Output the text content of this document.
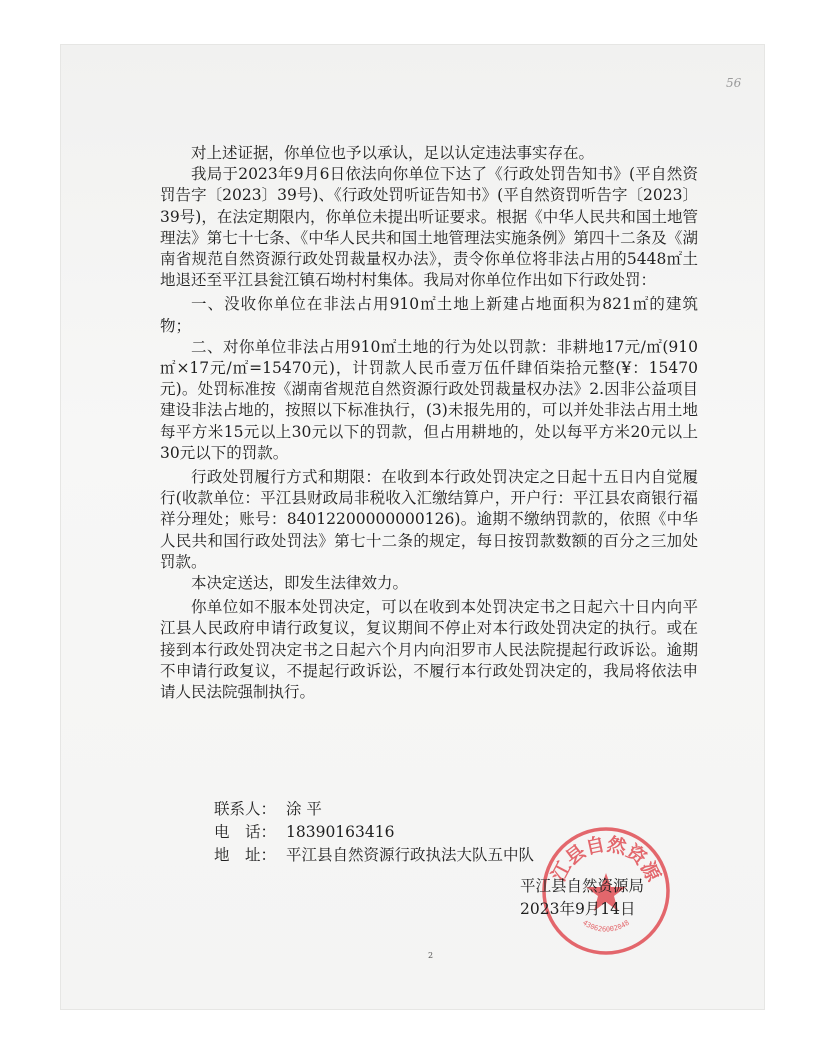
56

对上述证据，你单位也予以承认，足以认定违法事实存在。

我局于2023年9月6日依法向你单位下达了《行政处罚告知书》(平自然资罚告字〔2023〕39号)、《行政处罚听证告知书》(平自然资罚听告字〔2023〕39号)，在法定期限内，你单位未提出听证要求。根据《中华人民共和国土地管理法》第七十七条、《中华人民共和国土地管理法实施条例》第四十二条及《湖南省规范自然资源行政处罚裁量权办法》，责令你单位将非法占用的5448㎡土地退还至平江县瓮江镇石坳村村集体。我局对你单位作出如下行政处罚：

一、没收你单位在非法占用910㎡土地上新建占地面积为821㎡的建筑物；

二、对你单位非法占用910㎡土地的行为处以罚款：非耕地17元/㎡(910㎡×17元/㎡=15470元)，计罚款人民币壹万伍仟肆佰柒拾元整(¥：15470元)。处罚标准按《湖南省规范自然资源行政处罚裁量权办法》2.因非公益项目建设非法占地的，按照以下标准执行，(3)未报先用的，可以并处非法占用土地每平方米15元以上30元以下的罚款，但占用耕地的，处以每平方米20元以上30元以下的罚款。

行政处罚履行方式和期限：在收到本行政处罚决定之日起十五日内自觉履行(收款单位：平江县财政局非税收入汇缴结算户，开户行：平江县农商银行福祥分理处；账号：84012200000000126)。逾期不缴纳罚款的，依照《中华人民共和国行政处罚法》第七十二条的规定，每日按罚款数额的百分之三加处罚款。

本决定送达，即发生法律效力。

你单位如不服本处罚决定，可以在收到本处罚决定书之日起六十日内向平江县人民政府申请行政复议，复议期间不停止对本行政处罚决定的执行。或在接到本行政处罚决定书之日起六个月内向汨罗市人民法院提起行政诉讼。逾期不申请行政复议，不提起行政诉讼，不履行本行政处罚决定的，我局将依法申请人民法院强制执行。

联系人： 涂 平
电　话： 18390163416
地　址： 平江县自然资源行政执法大队五中队
江县自然资源
430626002048
平江县自然资源局
2023年9月14日
2
